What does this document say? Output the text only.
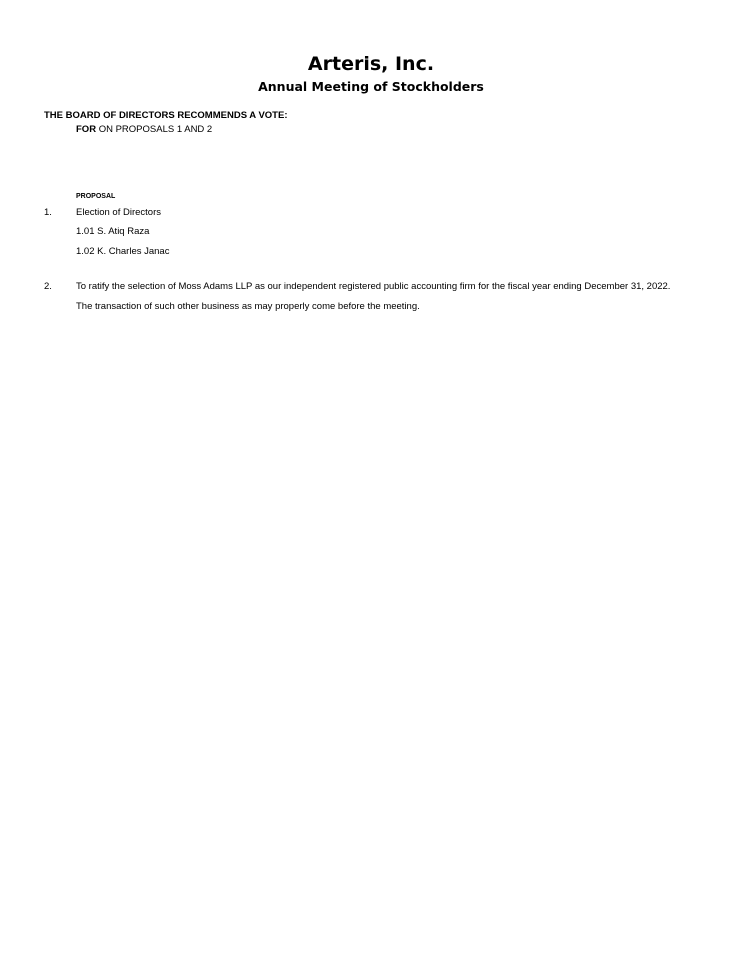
Arteris, Inc.
Annual Meeting of Stockholders
THE BOARD OF DIRECTORS RECOMMENDS A VOTE:
FOR ON PROPOSALS 1 AND 2
PROPOSAL
1.	Election of Directors
1.01 S. Atiq Raza
1.02 K. Charles Janac
2.	To ratify the selection of Moss Adams LLP as our independent registered public accounting firm for the fiscal year ending December 31, 2022.
The transaction of such other business as may properly come before the meeting.
